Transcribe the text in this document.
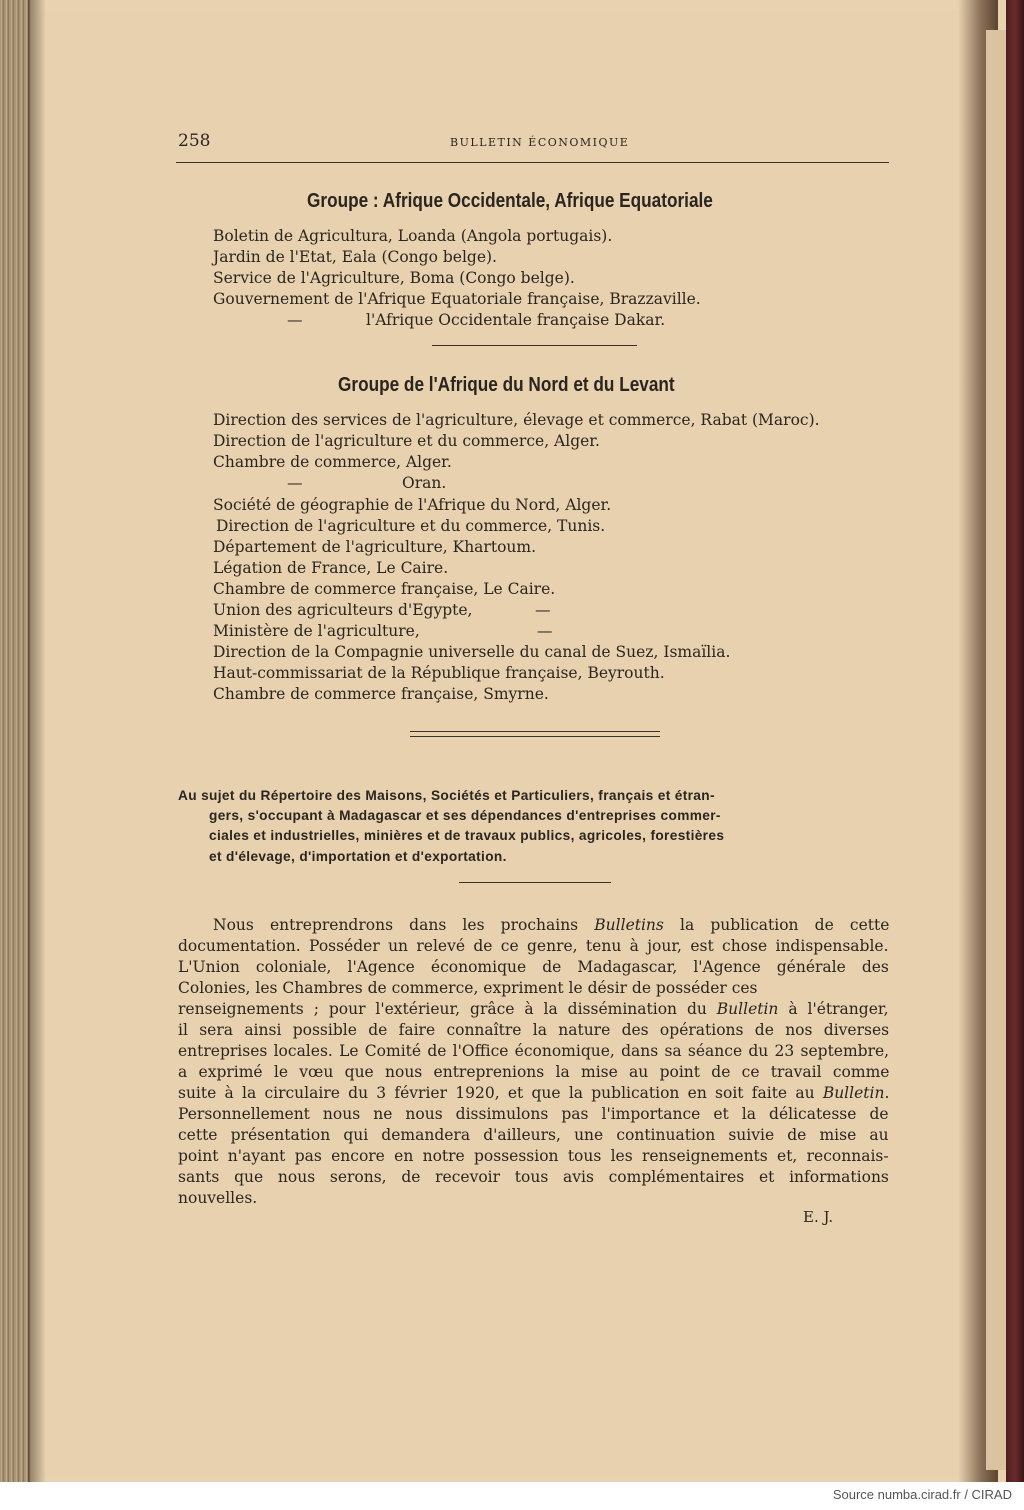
258	BULLETIN ÉCONOMIQUE
Groupe : Afrique Occidentale, Afrique Equatoriale
Boletin de Agricultura, Loanda (Angola portugais).
Jardin de l'Etat, Eala (Congo belge).
Service de l'Agriculture, Boma (Congo belge).
Gouvernement de l'Afrique Equatoriale française, Brazzaville.
—	l'Afrique Occidentale française Dakar.
Groupe de l'Afrique du Nord et du Levant
Direction des services de l'agriculture, élevage et commerce, Rabat (Maroc).
Direction de l'agriculture et du commerce, Alger.
Chambre de commerce, Alger.
—	Oran.
Société de géographie de l'Afrique du Nord, Alger.
Direction de l'agriculture et du commerce, Tunis.
Département de l'agriculture, Khartoum.
Légation de France, Le Caire.
Chambre de commerce française, Le Caire.
Union des agriculteurs d'Egypte,	—
Ministère de l'agriculture,	—
Direction de la Compagnie universelle du canal de Suez, Ismaïlia.
Haut-commissariat de la République française, Beyrouth.
Chambre de commerce française, Smyrne.
Au sujet du Répertoire des Maisons, Sociétés et Particuliers, français et étran-
gers, s'occupant à Madagascar et ses dépendances d'entreprises commer-
ciales et industrielles, minières et de travaux publics, agricoles, forestières
et d'élevage, d'importation et d'exportation.
Nous entreprendrons dans les prochains Bulletins la publication de cette
documentation. Posséder un relevé de ce genre, tenu à jour, est chose indispensable.
L'Union coloniale, l'Agence économique de Madagascar, l'Agence générale des
Colonies, les Chambres de commerce, expriment le désir de posséder ces
renseignements ; pour l'extérieur, grâce à la dissémination du Bulletin à l'étranger,
il sera ainsi possible de faire connaître la nature des opérations de nos diverses
entreprises locales. Le Comité de l'Office économique, dans sa séance du 23 septembre,
a exprimé le vœu que nous entreprenions la mise au point de ce travail comme
suite à la circulaire du 3 février 1920, et que la publication en soit faite au Bulletin.
Personnellement nous ne nous dissimulons pas l'importance et la délicatesse de
cette présentation qui demandera d'ailleurs, une continuation suivie de mise au
point n'ayant pas encore en notre possession tous les renseignements et, reconnais-
sants que nous serons, de recevoir tous avis complémentaires et informations
nouvelles.
E. J.
Source numba.cirad.fr / CIRAD
